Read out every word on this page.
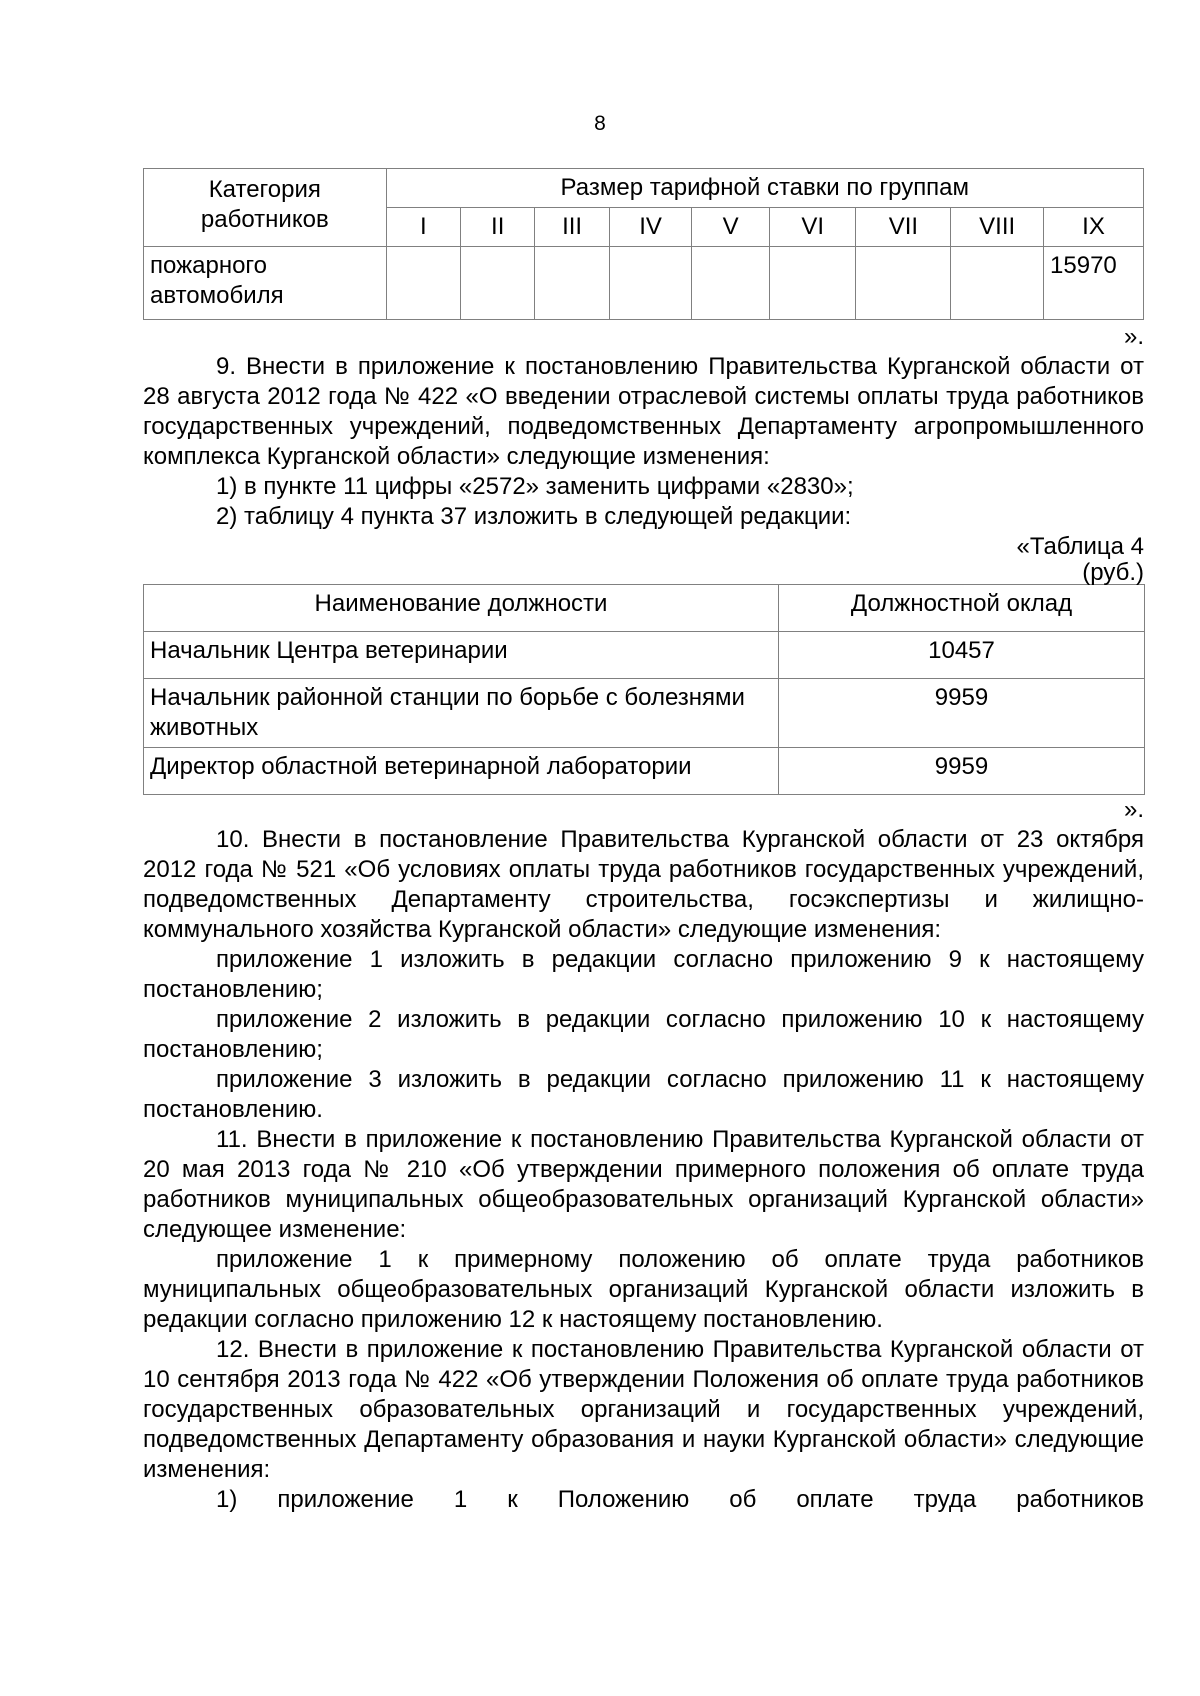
8
Категория работников	Размер тарифной ставки по группам								
	I	II	III	IV	V	VI	VII	VIII	IX
пожарного автомобиля									15970
».

9. Внести в приложение к постановлению Правительства Курганской области от 28 августа 2012 года № 422 «О введении отраслевой системы оплаты труда работников государственных учреждений, подведомственных Департаменту агропромышленного комплекса Курганской области» следующие изменения:

1) в пункте 11 цифры «2572» заменить цифрами «2830»;

2) таблицу 4 пункта 37 изложить в следующей редакции:

«Таблица 4
(руб.)
Наименование должности	Должностной оклад
Начальник Центра ветеринарии	10457
Начальник районной станции по борьбе с болезнями животных	9959
Директор областной ветеринарной лаборатории	9959
».

10. Внести в постановление Правительства Курганской области от 23 октября 2012 года № 521 «Об условиях оплаты труда работников государственных учреждений, подведомственных Департаменту строительства, госэкспертизы и жилищно-коммунального хозяйства Курганской области» следующие изменения:

приложение 1 изложить в редакции согласно приложению 9 к настоящему постановлению;

приложение 2 изложить в редакции согласно приложению 10 к настоящему постановлению;

приложение 3 изложить в редакции согласно приложению 11 к настоящему постановлению.

11. Внести в приложение к постановлению Правительства Курганской области от 20 мая 2013 года № 210 «Об утверждении примерного положения об оплате труда работников муниципальных общеобразовательных организаций Курганской области» следующее изменение:

приложение 1 к примерному положению об оплате труда работников муниципальных общеобразовательных организаций Курганской области изложить в редакции согласно приложению 12 к настоящему постановлению.

12. Внести в приложение к постановлению Правительства Курганской области от 10 сентября 2013 года № 422 «Об утверждении Положения об оплате труда работников государственных образовательных организаций и государственных учреждений, подведомственных Департаменту образования и науки Курганской области» следующие изменения:

1) приложение 1 к Положению об оплате труда работников
